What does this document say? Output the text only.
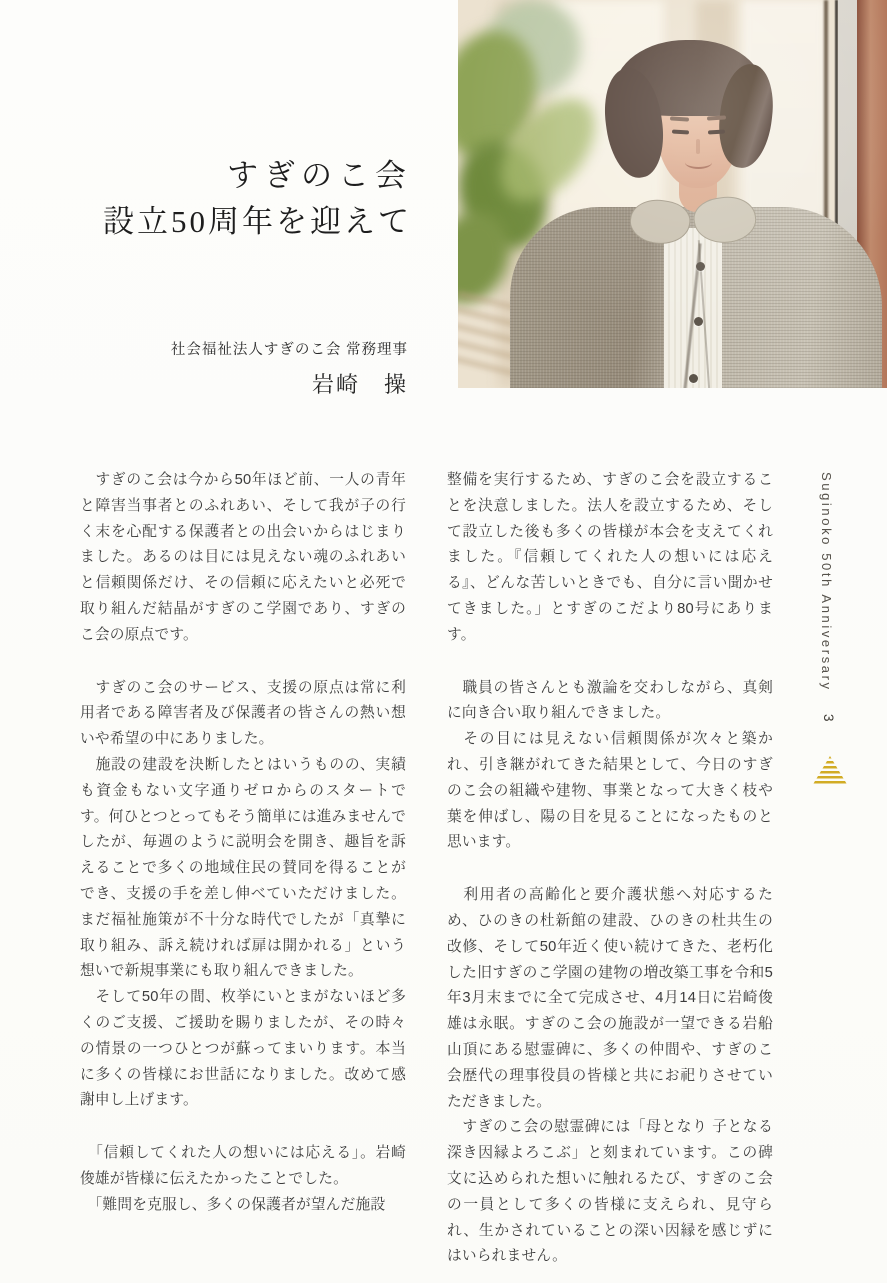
すぎのこ会
設立50周年を迎えて
社会福祉法人すぎのこ会 常務理事
岩崎　操

　すぎのこ会は今から50年ほど前、一人の青年と障害当事者とのふれあい、そして我が子の行く末を心配する保護者との出会いからはじまりました。あるのは目には見えない魂のふれあいと信頼関係だけ、その信頼に応えたいと必死で取り組んだ結晶がすぎのこ学園であり、すぎのこ会の原点です。

　すぎのこ会のサービス、支援の原点は常に利用者である障害者及び保護者の皆さんの熱い想いや希望の中にありました。

　施設の建設を決断したとはいうものの、実績も資金もない文字通りゼロからのスタートです。何ひとつとってもそう簡単には進みませんでしたが、毎週のように説明会を開き、趣旨を訴えることで多くの地域住民の賛同を得ることができ、支援の手を差し伸べていただけました。まだ福祉施策が不十分な時代でしたが「真摯に取り組み、訴え続ければ扉は開かれる」という想いで新規事業にも取り組んできました。

　そして50年の間、枚挙にいとまがないほど多くのご支援、ご援助を賜りましたが、その時々の情景の一つひとつが蘇ってまいります。本当に多くの皆様にお世話になりました。改めて感謝申し上げます。

　「信頼してくれた人の想いには応える」。岩崎俊雄が皆様に伝えたかったことでした。

　「難問を克服し、多くの保護者が望んだ施設

整備を実行するため、すぎのこ会を設立することを決意しました。法人を設立するため、そして設立した後も多くの皆様が本会を支えてくれました。『信頼してくれた人の想いには応える』、どんな苦しいときでも、自分に言い聞かせてきました。」とすぎのこだより80号にあります。

　職員の皆さんとも激論を交わしながら、真剣に向き合い取り組んできました。

　その目には見えない信頼関係が次々と築かれ、引き継がれてきた結果として、今日のすぎのこ会の組織や建物、事業となって大きく枝や葉を伸ばし、陽の目を見ることになったものと思います。

　利用者の高齢化と要介護状態へ対応するため、ひのきの杜新館の建設、ひのきの杜共生の改修、そして50年近く使い続けてきた、老朽化した旧すぎのこ学園の建物の増改築工事を令和5年3月末までに全て完成させ、4月14日に岩崎俊雄は永眠。すぎのこ会の施設が一望できる岩船山頂にある慰霊碑に、多くの仲間や、すぎのこ会歴代の理事役員の皆様と共にお祀りさせていただきました。

　すぎのこ会の慰霊碑には「母となり 子となる 深き因縁よろこぶ」と刻まれています。この碑文に込められた想いに触れるたび、すぎのこ会の一員として多くの皆様に支えられ、見守られ、生かされていることの深い因縁を感じずにはいられません。

Suginoko 50th Anniversary
3
